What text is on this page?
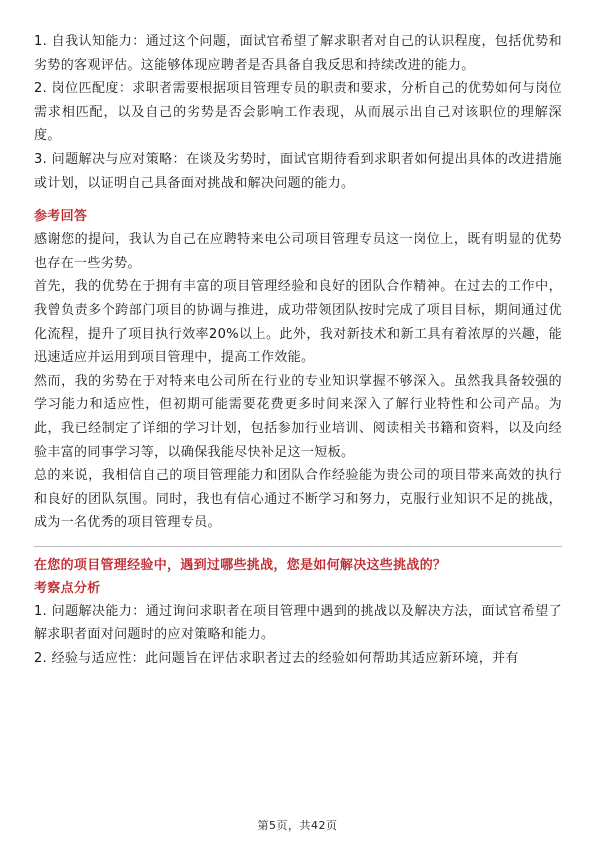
1. 自我认知能力：通过这个问题，面试官希望了解求职者对自己的认识程度，包括优势和劣势的客观评估。这能够体现应聘者是否具备自我反思和持续改进的能力。

2. 岗位匹配度：求职者需要根据项目管理专员的职责和要求，分析自己的优势如何与岗位需求相匹配，以及自己的劣势是否会影响工作表现，从而展示出自己对该职位的理解深度。

3. 问题解决与应对策略：在谈及劣势时，面试官期待看到求职者如何提出具体的改进措施或计划，以证明自己具备面对挑战和解决问题的能力。

参考回答

感谢您的提问，我认为自己在应聘特来电公司项目管理专员这一岗位上，既有明显的优势也存在一些劣势。

首先，我的优势在于拥有丰富的项目管理经验和良好的团队合作精神。在过去的工作中，我曾负责多个跨部门项目的协调与推进，成功带领团队按时完成了项目目标，期间通过优化流程，提升了项目执行效率20%以上。此外，我对新技术和新工具有着浓厚的兴趣，能迅速适应并运用到项目管理中，提高工作效能。

然而，我的劣势在于对特来电公司所在行业的专业知识掌握不够深入。虽然我具备较强的学习能力和适应性，但初期可能需要花费更多时间来深入了解行业特性和公司产品。为此，我已经制定了详细的学习计划，包括参加行业培训、阅读相关书籍和资料，以及向经验丰富的同事学习等，以确保我能尽快补足这一短板。

总的来说，我相信自己的项目管理能力和团队合作经验能为贵公司的项目带来高效的执行和良好的团队氛围。同时，我也有信心通过不断学习和努力，克服行业知识不足的挑战，成为一名优秀的项目管理专员。

在您的项目管理经验中，遇到过哪些挑战，您是如何解决这些挑战的？
考察点分析

1. 问题解决能力：通过询问求职者在项目管理中遇到的挑战以及解决方法，面试官希望了解求职者面对问题时的应对策略和能力。

2. 经验与适应性：此问题旨在评估求职者过去的经验如何帮助其适应新环境，并有

第5页，共42页
